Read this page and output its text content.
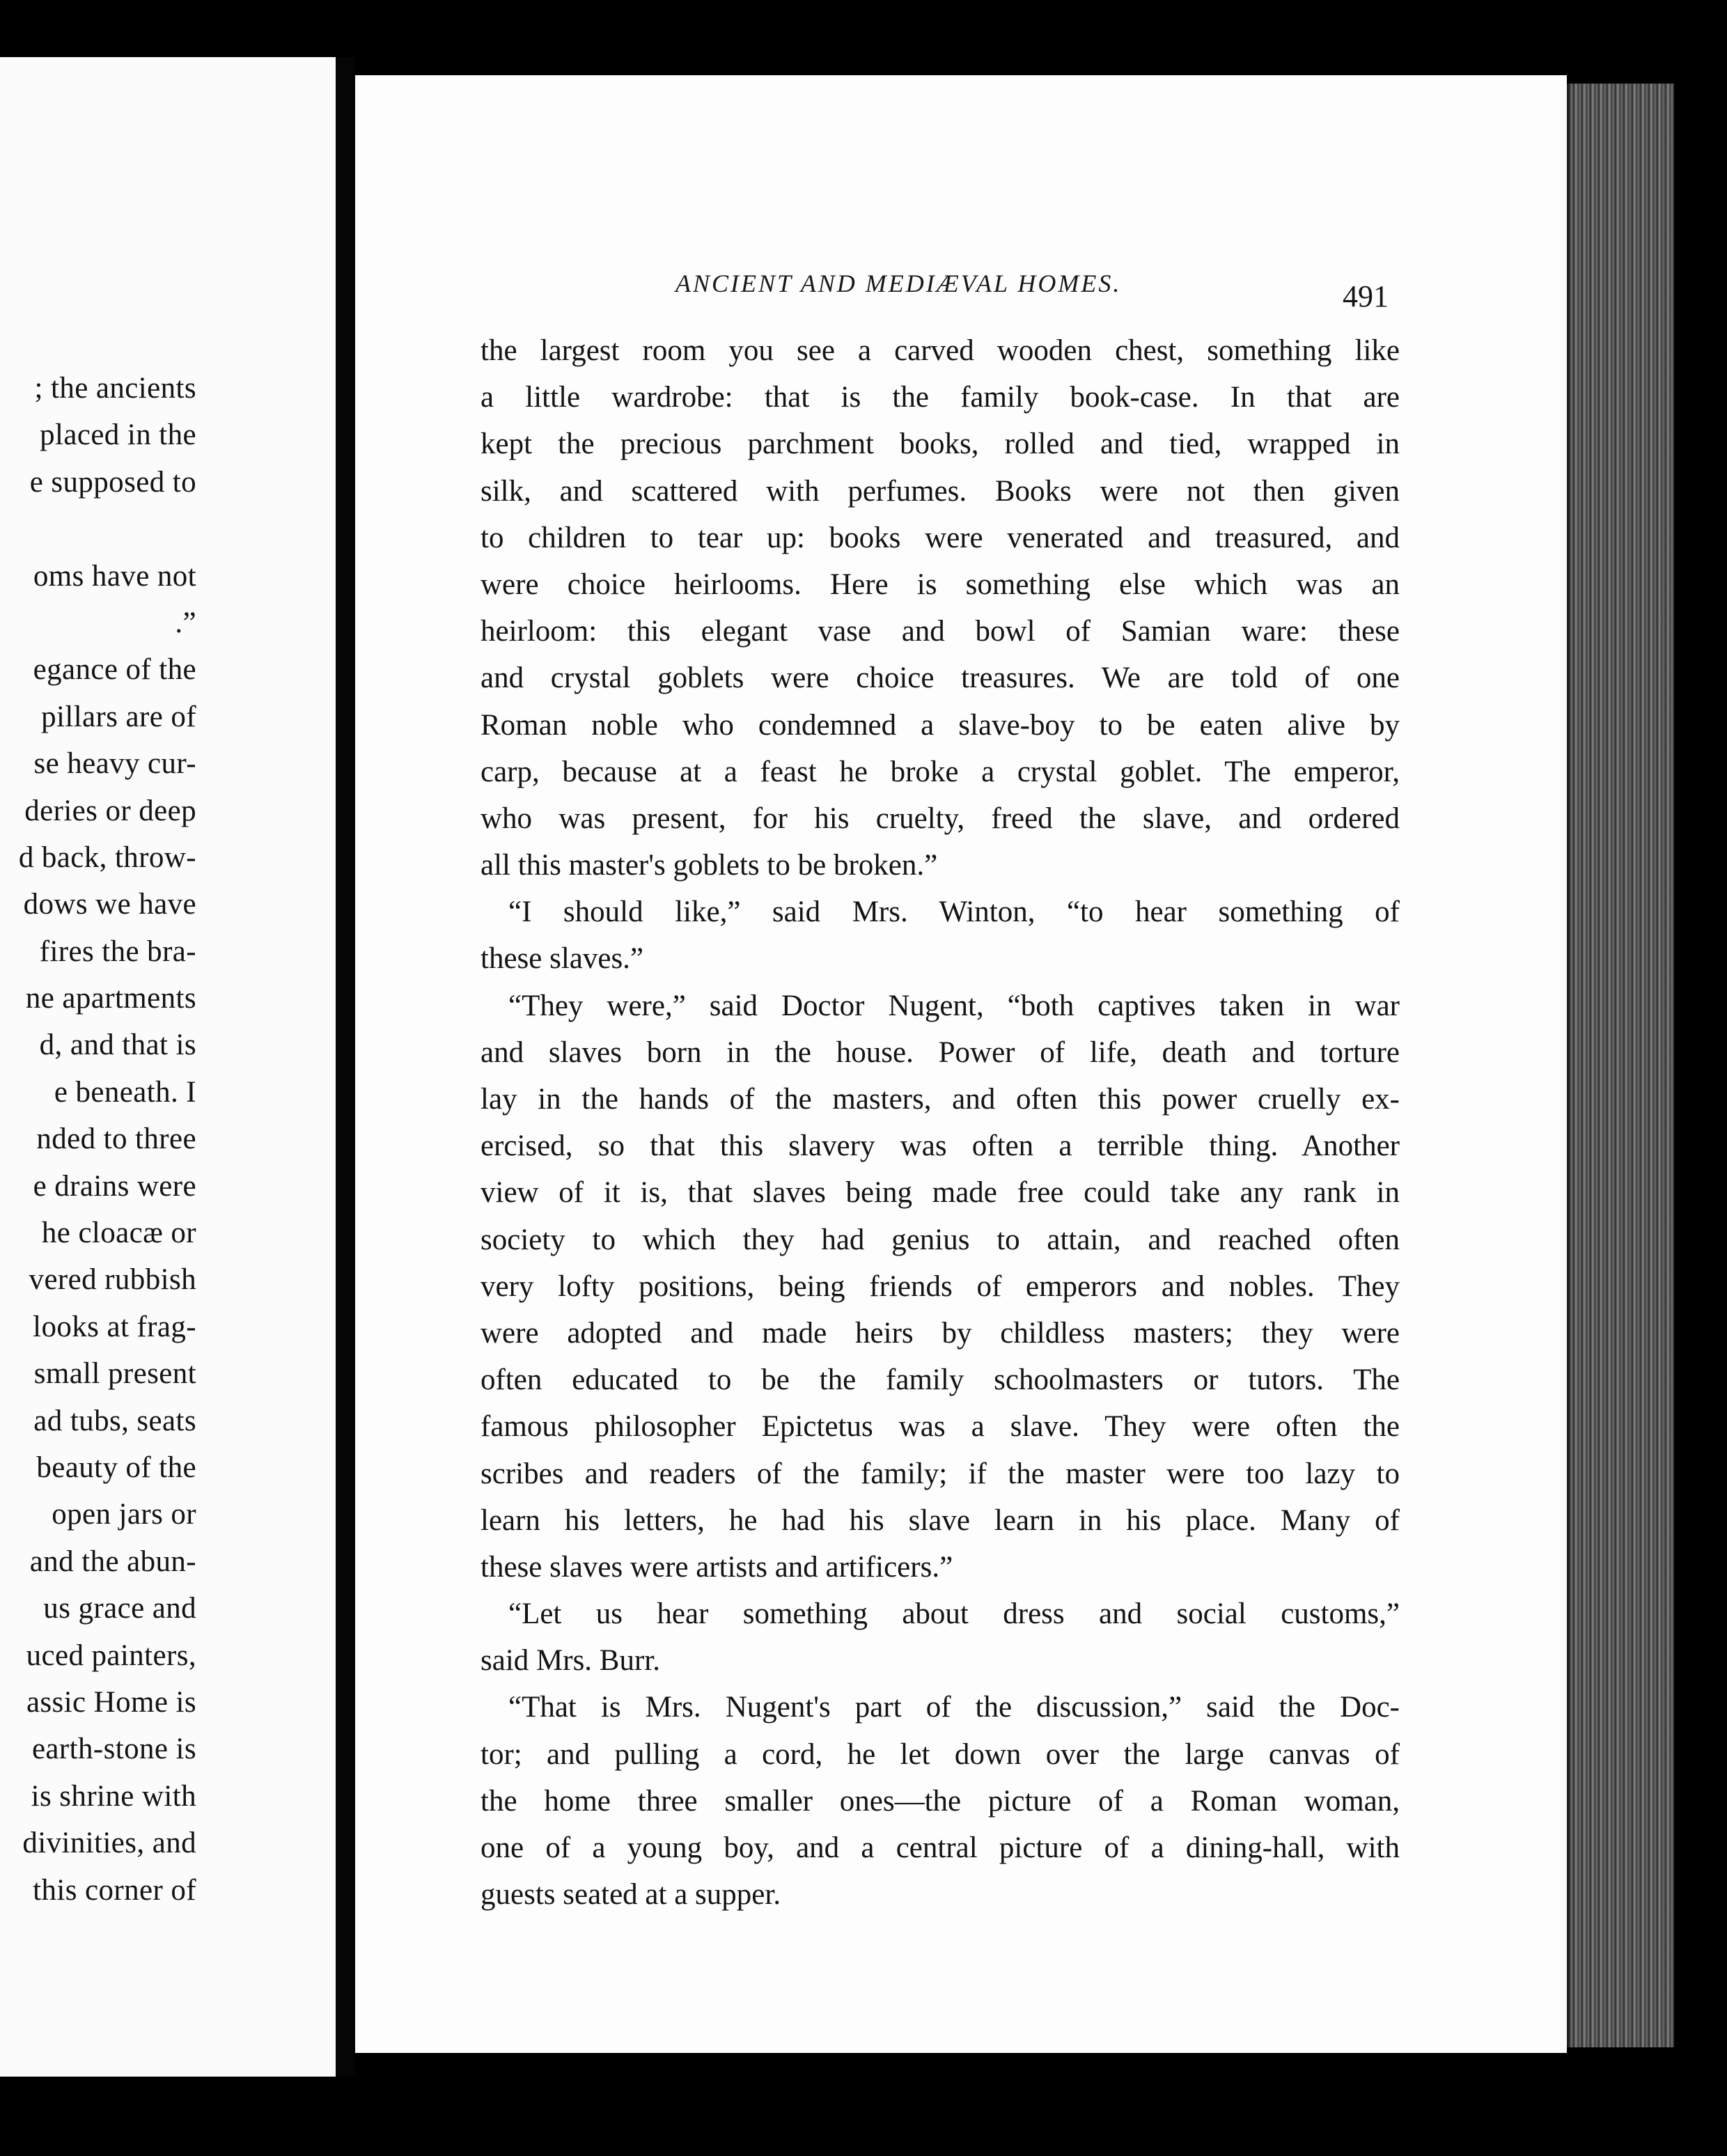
; the ancients
placed in the
e supposed to
oms have not
.”
egance of the
pillars are of
se heavy cur-
deries or deep
d back, throw-
dows we have
fires the bra-
ne apartments
d, and that is
e beneath. I
nded to three
e drains were
he cloacæ or
vered rubbish
looks at frag-
small present
ad tubs, seats
beauty of the
open jars or
and the abun-
us grace and
uced painters,
assic Home is
earth-stone is
is shrine with
divinities, and
this corner of
ANCIENT AND MEDIÆVAL HOMES.	491
the largest room you see a carved wooden chest, something like
a little wardrobe: that is the family book-case. In that are
kept the precious parchment books, rolled and tied, wrapped in
silk, and scattered with perfumes. Books were not then given
to children to tear up: books were venerated and treasured, and
were choice heirlooms. Here is something else which was an
heirloom: this elegant vase and bowl of Samian ware: these
and crystal goblets were choice treasures. We are told of one
Roman noble who condemned a slave-boy to be eaten alive by
carp, because at a feast he broke a crystal goblet. The emperor,
who was present, for his cruelty, freed the slave, and ordered
all this master's goblets to be broken.”
“I should like,” said Mrs. Winton, “to hear something of
these slaves.”
“They were,” said Doctor Nugent, “both captives taken in war
and slaves born in the house. Power of life, death and torture
lay in the hands of the masters, and often this power cruelly ex-
ercised, so that this slavery was often a terrible thing. Another
view of it is, that slaves being made free could take any rank in
society to which they had genius to attain, and reached often
very lofty positions, being friends of emperors and nobles. They
were adopted and made heirs by childless masters; they were
often educated to be the family schoolmasters or tutors. The
famous philosopher Epictetus was a slave. They were often the
scribes and readers of the family; if the master were too lazy to
learn his letters, he had his slave learn in his place. Many of
these slaves were artists and artificers.”
“Let us hear something about dress and social customs,”
said Mrs. Burr.
“That is Mrs. Nugent's part of the discussion,” said the Doc-
tor; and pulling a cord, he let down over the large canvas of
the home three smaller ones—the picture of a Roman woman,
one of a young boy, and a central picture of a dining-hall, with
guests seated at a supper.
